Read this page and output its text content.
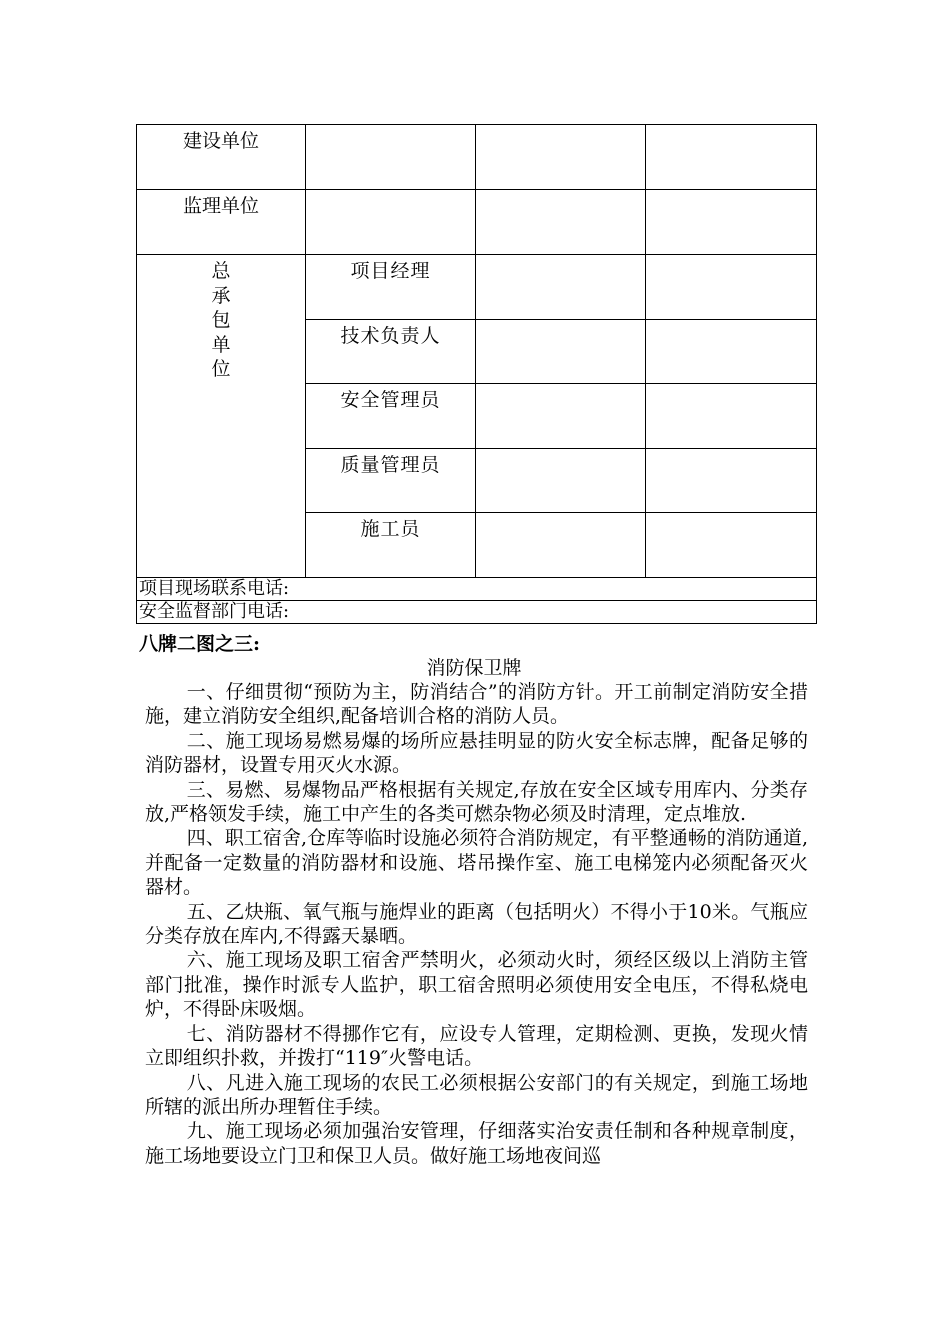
建设单位			
监理单位			

总
承
包
单
位	项目经理		
	技术负责人		
	安全管理员		
	质量管理员		
	施工员		
项目现场联系电话:			
安全监督部门电话:			
八牌二图之三:
消防保卫牌

一、仔细贯彻“预防为主，防消结合”的消防方针。开工前制定消防安全措施，建立消防安全组织,配备培训合格的消防人员。

二、施工现场易燃易爆的场所应悬挂明显的防火安全标志牌，配备足够的消防器材，设置专用灭火水源。

三、易燃、易爆物品严格根据有关规定,存放在安全区域专用库内、分类存放,严格领发手续，施工中产生的各类可燃杂物必须及时清理，定点堆放.

四、职工宿舍,仓库等临时设施必须符合消防规定，有平整通畅的消防通道,并配备一定数量的消防器材和设施、塔吊操作室、施工电梯笼内必须配备灭火器材。

五、乙炔瓶、氧气瓶与施焊业的距离（包括明火）不得小于10米。气瓶应分类存放在库内,不得露天暴晒。

六、施工现场及职工宿舍严禁明火，必须动火时，须经区级以上消防主管部门批准，操作时派专人监护，职工宿舍照明必须使用安全电压，不得私烧电炉，不得卧床吸烟。

七、消防器材不得挪作它有，应设专人管理，定期检测、更换，发现火情立即组织扑救，并拨打“119″火警电话。

八、凡进入施工现场的农民工必须根据公安部门的有关规定，到施工场地所辖的派出所办理暂住手续。

九、施工现场必须加强治安管理，仔细落实治安责任制和各种规章制度，施工场地要设立门卫和保卫人员。做好施工场地夜间巡
